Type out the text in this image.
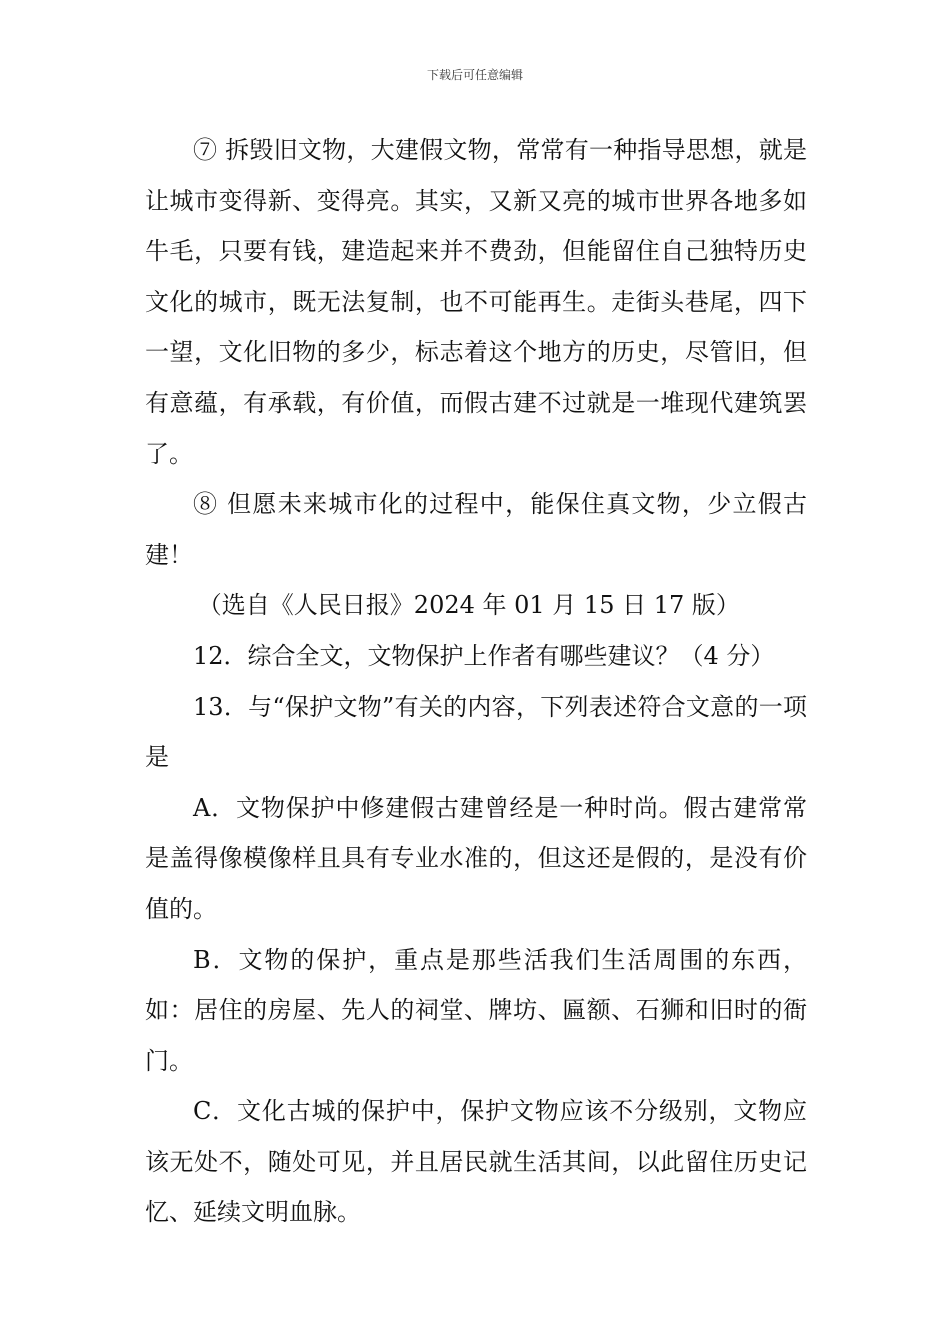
下载后可任意编辑

⑦ 拆毁旧文物，大建假文物，常常有一种指导思想，就是让城市变得新、变得亮。其实，又新又亮的城市世界各地多如牛毛，只要有钱，建造起来并不费劲，但能留住自己独特历史文化的城市，既无法复制，也不可能再生。走街头巷尾，四下一望，文化旧物的多少，标志着这个地方的历史，尽管旧，但有意蕴，有承载，有价值，而假古建不过就是一堆现代建筑罢了。

⑧ 但愿未来城市化的过程中，能保住真文物，少立假古建！

（选自《人民日报》2024 年 01 月 15 日 17 版）

12．综合全文，文物保护上作者有哪些建议？（4 分）

13．与“保护文物”有关的内容，下列表述符合文意的一项是

A．文物保护中修建假古建曾经是一种时尚。假古建常常是盖得像模像样且具有专业水准的，但这还是假的，是没有价值的。

B．文物的保护，重点是那些活我们生活周围的东西，如：居住的房屋、先人的祠堂、牌坊、匾额、石狮和旧时的衙门。

C．文化古城的保护中，保护文物应该不分级别，文物应该无处不，随处可见，并且居民就生活其间，以此留住历史记忆、延续文明血脉。
